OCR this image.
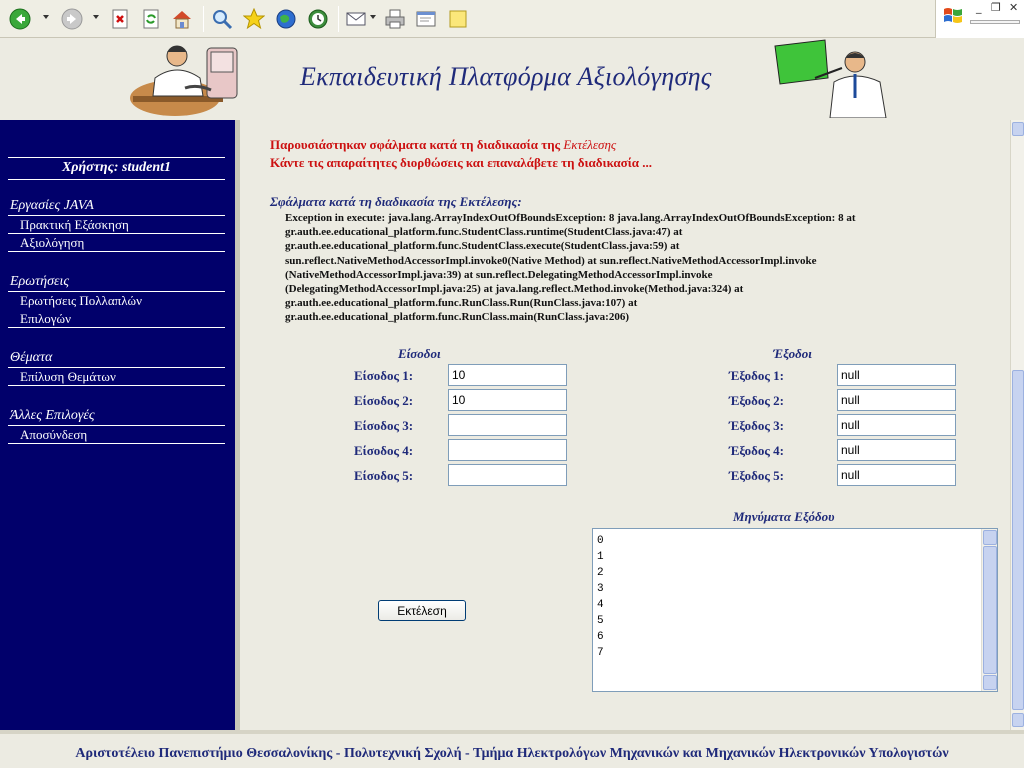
_ ❐ ✕
Εκπαιδευτική Πλατφόρμα Αξιολόγησης
Χρήστης: student1
Εργασίες JAVA
Πρακτική Εξάσκηση
Αξιολόγηση
Ερωτήσεις
Ερωτήσεις Πολλαπλών
Επιλογών
Θέματα
Επίλυση Θεμάτων
Άλλες Επιλογές
Αποσύνδεση
Παρουσιάστηκαν σφάλματα κατά τη διαδικασία της Εκτέλεσης
Κάντε τις απαραίτητες διορθώσεις και επαναλάβετε τη διαδικασία ...
Σφάλματα κατά τη διαδικασία της Εκτέλεσης:
Exception in execute: java.lang.ArrayIndexOutOfBoundsException: 8 java.lang.ArrayIndexOutOfBoundsException: 8 at
gr.auth.ee.educational_platform.func.StudentClass.runtime(StudentClass.java:47) at
gr.auth.ee.educational_platform.func.StudentClass.execute(StudentClass.java:59) at
sun.reflect.NativeMethodAccessorImpl.invoke0(Native Method) at sun.reflect.NativeMethodAccessorImpl.invoke
(NativeMethodAccessorImpl.java:39) at sun.reflect.DelegatingMethodAccessorImpl.invoke
(DelegatingMethodAccessorImpl.java:25) at java.lang.reflect.Method.invoke(Method.java:324) at
gr.auth.ee.educational_platform.func.RunClass.Run(RunClass.java:107) at
gr.auth.ee.educational_platform.func.RunClass.main(RunClass.java:206)
Είσοδοι	Έξοδοι
Είσοδος 1:
Είσοδος 2:
Είσοδος 3:
Είσοδος 4:
Είσοδος 5:
10
10
Έξοδος 1:
Έξοδος 2:
Έξοδος 3:
Έξοδος 4:
Έξοδος 5:
null
null
null
null
null
Μηνύματα Εξόδου
0
1
2
3
4
5
6
7
Εκτέλεση
Αριστοτέλειο Πανεπιστήμιο Θεσσαλονίκης - Πολυτεχνική Σχολή - Τμήμα Ηλεκτρολόγων Μηχανικών και Μηχανικών Ηλεκτρονικών Υπολογιστών
